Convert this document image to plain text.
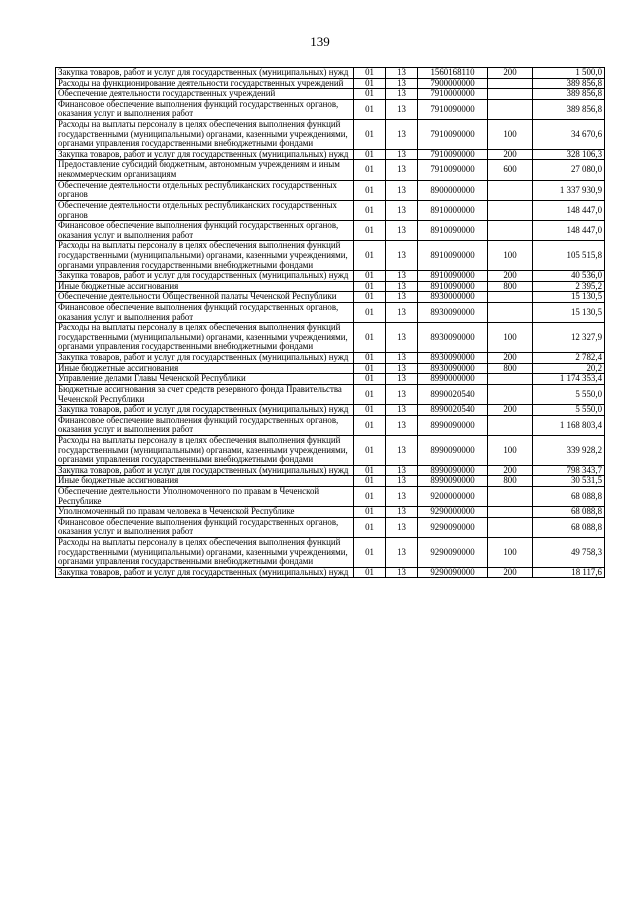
139
Закупка товаров, работ и услуг для государственных (муниципальных) нужд	01	13	1560168110	200	1 500,0
Расходы на функционирование деятельности государственных учреждений	01	13	7900000000		389 856,8
Обеспечение деятельности государственных учреждений	01	13	7910000000		389 856,8
Финансовое обеспечение выполнения функций государственных органов, оказания услуг и выполнения работ	01	13	7910090000		389 856,8
Расходы на выплаты персоналу в целях обеспечения выполнения функций государственными (муниципальными) органами, казенными учреждениями, органами управления государственными внебюджетными фондами	01	13	7910090000	100	34 670,6
Закупка товаров, работ и услуг для государственных (муниципальных) нужд	01	13	7910090000	200	328 106,3
Предоставление субсидий бюджетным, автономным учреждениям и иным некоммерческим организациям	01	13	7910090000	600	27 080,0
Обеспечение деятельности отдельных республиканских государственных органов	01	13	8900000000		1 337 930,9
Обеспечение деятельности отдельных республиканских государственных органов	01	13	8910000000		148 447,0
Финансовое обеспечение выполнения функций государственных органов, оказания услуг и выполнения работ	01	13	8910090000		148 447,0
Расходы на выплаты персоналу в целях обеспечения выполнения функций государственными (муниципальными) органами, казенными учреждениями, органами управления государственными внебюджетными фондами	01	13	8910090000	100	105 515,8
Закупка товаров, работ и услуг для государственных (муниципальных) нужд	01	13	8910090000	200	40 536,0
Иные бюджетные ассигнования	01	13	8910090000	800	2 395,2
Обеспечение деятельности Общественной палаты Чеченской Республики	01	13	8930000000		15 130,5
Финансовое обеспечение выполнения функций государственных органов, оказания услуг и выполнения работ	01	13	8930090000		15 130,5
Расходы на выплаты персоналу в целях обеспечения выполнения функций государственными (муниципальными) органами, казенными учреждениями, органами управления государственными внебюджетными фондами	01	13	8930090000	100	12 327,9
Закупка товаров, работ и услуг для государственных (муниципальных) нужд	01	13	8930090000	200	2 782,4
Иные бюджетные ассигнования	01	13	8930090000	800	20,2
Управление делами Главы Чеченской Республики	01	13	8990000000		1 174 353,4
Бюджетные ассигнования за счет средств резервного фонда Правительства Чеченской Республики	01	13	8990020540		5 550,0
Закупка товаров, работ и услуг для государственных (муниципальных) нужд	01	13	8990020540	200	5 550,0
Финансовое обеспечение выполнения функций государственных органов, оказания услуг и выполнения работ	01	13	8990090000		1 168 803,4
Расходы на выплаты персоналу в целях обеспечения выполнения функций государственными (муниципальными) органами, казенными учреждениями, органами управления государственными внебюджетными фондами	01	13	8990090000	100	339 928,2
Закупка товаров, работ и услуг для государственных (муниципальных) нужд	01	13	8990090000	200	798 343,7
Иные бюджетные ассигнования	01	13	8990090000	800	30 531,5
Обеспечение деятельности Уполномоченного по правам в Чеченской Республике	01	13	9200000000		68 088,8
Уполномоченный по правам человека в Чеченской Республике	01	13	9290000000		68 088,8
Финансовое обеспечение выполнения функций государственных органов, оказания услуг и выполнения работ	01	13	9290090000		68 088,8
Расходы на выплаты персоналу в целях обеспечения выполнения функций государственными (муниципальными) органами, казенными учреждениями, органами управления государственными внебюджетными фондами	01	13	9290090000	100	49 758,3
Закупка товаров, работ и услуг для государственных (муниципальных) нужд	01	13	9290090000	200	18 117,6
